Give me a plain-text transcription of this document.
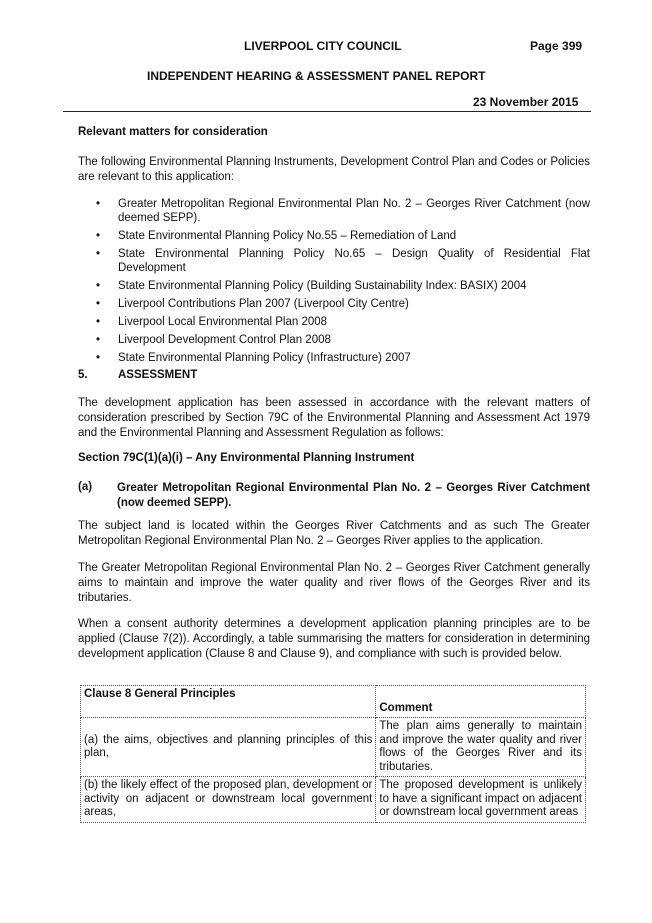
LIVERPOOL CITY COUNCIL	Page 399
INDEPENDENT HEARING & ASSESSMENT PANEL REPORT
23 November 2015

Relevant matters for consideration

The following Environmental Planning Instruments, Development Control Plan and Codes or Policies are relevant to this application:

• Greater Metropolitan Regional Environmental Plan No. 2 – Georges River Catchment (now deemed SEPP).
• State Environmental Planning Policy No.55 – Remediation of Land
• State Environmental Planning Policy No.65 – Design Quality of Residential Flat Development
• State Environmental Planning Policy (Building Sustainability Index: BASIX) 2004
• Liverpool Contributions Plan 2007 (Liverpool City Centre)
• Liverpool Local Environmental Plan 2008
• Liverpool Development Control Plan 2008
• State Environmental Planning Policy (Infrastructure) 2007

5.	ASSESSMENT

The development application has been assessed in accordance with the relevant matters of consideration prescribed by Section 79C of the Environmental Planning and Assessment Act 1979 and the Environmental Planning and Assessment Regulation as follows:

Section 79C(1)(a)(i) – Any Environmental Planning Instrument

(a) Greater Metropolitan Regional Environmental Plan No. 2 – Georges River Catchment (now deemed SEPP).

The subject land is located within the Georges River Catchments and as such The Greater Metropolitan Regional Environmental Plan No. 2 – Georges River applies to the application.

The Greater Metropolitan Regional Environmental Plan No. 2 – Georges River Catchment generally aims to maintain and improve the water quality and river flows of the Georges River and its tributaries.

When a consent authority determines a development application planning principles are to be applied (Clause 7(2)). Accordingly, a table summarising the matters for consideration in determining development application (Clause 8 and Clause 9), and compliance with such is provided below.

Clause 8 General Principles	Comment
(a) the aims, objectives and planning principles of this plan,	The plan aims generally to maintain and improve the water quality and river flows of the Georges River and its tributaries.
(b) the likely effect of the proposed plan, development or activity on adjacent or downstream local government areas,	The proposed development is unlikely to have a significant impact on adjacent or downstream local government areas
